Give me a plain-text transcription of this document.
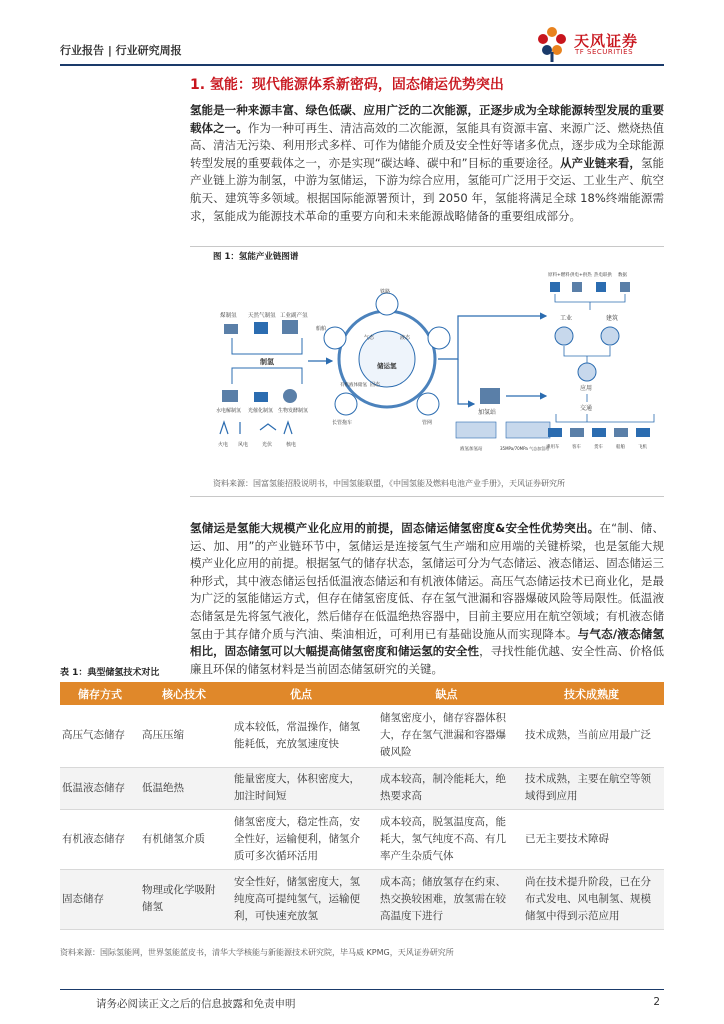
行业报告 | 行业研究周报
天风证券
TF SECURITIES
1. 氢能：现代能源体系新密码，固态储运优势突出
氢能是一种来源丰富、绿色低碳、应用广泛的二次能源，正逐步成为全球能源转型发展的重要载体之一。作为一种可再生、清洁高效的二次能源，氢能具有资源丰富、来源广泛、燃烧热值高、清洁无污染、利用形式多样、可作为储能介质及安全性好等诸多优点，逐步成为全球能源转型发展的重要载体之一，亦是实现“碳达峰、碳中和”目标的重要途径。从产业链来看，氢能产业链上游为制氢，中游为氢储运，下游为综合应用，氢能可广泛用于交运、工业生产、航空航天、建筑等多领域。根据国际能源署预计，到 2050 年，氢能将满足全球 18%终端能源需求，氢能成为能源技术革命的重要方向和未来能源战略储备的重要组成部分。
图 1：氢能产业链图谱
煤制氢 天然气制氢 工业副产氢
制氢
水电解制氢 光催化制氢 生物发酵制氢
火电 风电	光伏	核电
储运氢
铁路
船舶
长管拖车	管网
气态	液态
固态
有机液体储氢
加氢站
液氢加氢站	35MPa/70MPa 气态加氢站
原料+燃料 供电+供热 热电联供 数据
工业	建筑
应用
交通
乘用车	客车	货车	船舶	飞机
资料来源：国富氢能招股说明书，中国氢能联盟，《中国氢能及燃料电池产业手册》，天风证券研究所
氢储运是氢能大规模产业化应用的前提，固态储运储氢密度&安全性优势突出。在“制、储、运、加、用”的产业链环节中，氢储运是连接氢气生产端和应用端的关键桥梁，也是氢能大规模产业化应用的前提。根据氢气的储存状态，氢储运可分为气态储运、液态储运、固态储运三种形式，其中液态储运包括低温液态储运和有机液体储运。高压气态储运技术已商业化，是最为广泛的氢能储运方式，但存在储氢密度低、存在氢气泄漏和容器爆破风险等局限性。低温液态储氢是先将氢气液化，然后储存在低温绝热容器中，目前主要应用在航空领域；有机液态储氢由于其存储介质与汽油、柴油相近，可利用已有基础设施从而实现降本。与气态/液态储氢相比，固态储氢可以大幅提高储氢密度和储运氢的安全性，寻找性能优越、安全性高、价格低廉且环保的储氢材料是当前固态储氢研究的关键。
表 1：典型储氢技术对比
储存方式	核心技术	优点	缺点	技术成熟度
高压气态储存	高压压缩	成本较低，常温操作，储氢能耗低，充放氢速度快	储氢密度小，储存容器体积大，存在氢气泄漏和容器爆破风险	技术成熟，当前应用最广泛
低温液态储存	低温绝热	能量密度大，体积密度大，加注时间短	成本较高，制冷能耗大，绝热要求高	技术成熟，主要在航空等领域得到应用
有机液态储存	有机储氢介质	储氢密度大，稳定性高，安全性好，运输便利，储氢介质可多次循环活用	成本较高，脱氢温度高，能耗大，氢气纯度不高、有几率产生杂质气体	已无主要技术障碍
固态储存	物理或化学吸附储氢	安全性好，储氢密度大，氢纯度高可提纯氢气，运输便利，可快速充放氢	成本高；储放氢存在约束、热交换较困难，放氢需在较高温度下进行	尚在技术提升阶段，已在分布式发电、风电制氢、规模储氢中得到示范应用
资料来源：国际氢能网，世界氢能蓝皮书，清华大学核能与新能源技术研究院，毕马威 KPMG，天风证券研究所
请务必阅读正文之后的信息披露和免责申明	2
